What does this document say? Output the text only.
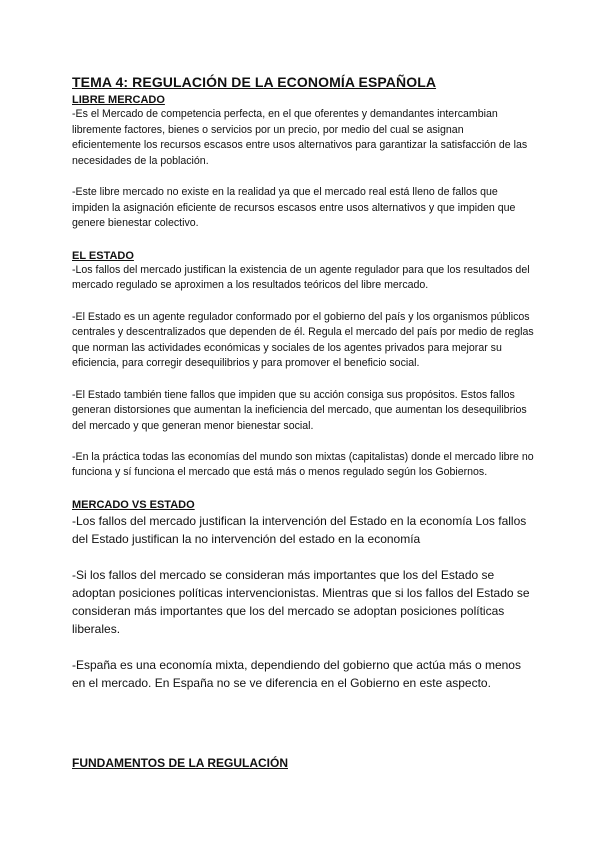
TEMA 4: REGULACIÓN DE LA ECONOMÍA ESPAÑOLA
LIBRE MERCADO

-Es el Mercado de competencia perfecta, en el que oferentes y demandantes intercambian libremente factores, bienes o servicios por un precio, por medio del cual se asignan eficientemente los recursos escasos entre usos alternativos para garantizar la satisfacción de las necesidades de la población.

-Este libre mercado no existe en la realidad ya que el mercado real está lleno de fallos que impiden la asignación eficiente de recursos escasos entre usos alternativos y que impiden que genere bienestar colectivo.

EL ESTADO

-Los fallos del mercado justifican la existencia de un agente regulador para que los resultados del mercado regulado se aproximen a los resultados teóricos del libre mercado.

-El Estado es un agente regulador conformado por el gobierno del país y los organismos públicos centrales y descentralizados que dependen de él. Regula el mercado del país por medio de reglas que norman las actividades económicas y sociales de los agentes privados para mejorar su eficiencia, para corregir desequilibrios y para promover el beneficio social.

-El Estado también tiene fallos que impiden que su acción consiga sus propósitos. Estos fallos generan distorsiones que aumentan la ineficiencia del mercado, que aumentan los desequilibrios del mercado y que generan menor bienestar social.

-En la práctica todas las economías del mundo son mixtas (capitalistas) donde el mercado libre no funciona y sí funciona el mercado que está más o menos regulado según los Gobiernos.

MERCADO VS ESTADO

-Los fallos del mercado justifican la intervención del Estado en la economía Los fallos del Estado justifican la no intervención del estado en la economía

-Si los fallos del mercado se consideran más importantes que los del Estado se adoptan posiciones políticas intervencionistas. Mientras que si los fallos del Estado se consideran más importantes que los del mercado se adoptan posiciones políticas liberales.

-España es una economía mixta, dependiendo del gobierno que actúa más o menos en el mercado. En España no se ve diferencia en el Gobierno en este aspecto.

FUNDAMENTOS DE LA REGULACIÓN
